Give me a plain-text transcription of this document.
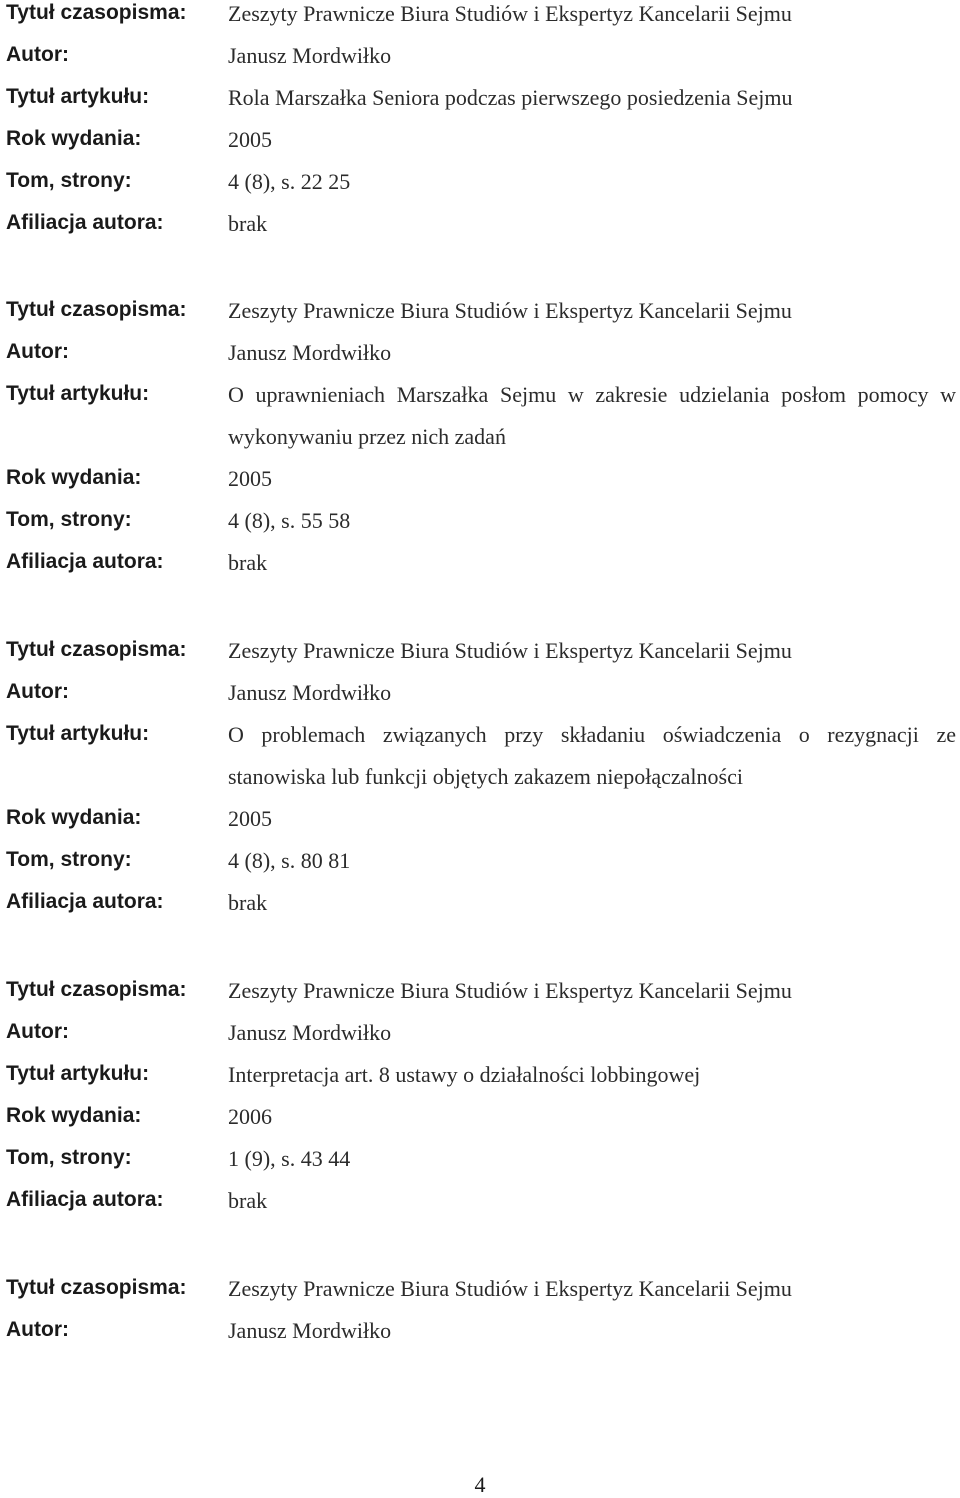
Tytuł czasopisma: Zeszyty Prawnicze Biura Studiów i Ekspertyz Kancelarii Sejmu
Autor:	Janusz Mordwiłko
Tytuł artykułu:	Rola Marszałka Seniora podczas pierwszego posiedzenia Sejmu
Rok wydania:	2005
Tom, strony:	4 (8), s. 22 25
Afiliacja autora:	brak
Tytuł czasopisma: Zeszyty Prawnicze Biura Studiów i Ekspertyz Kancelarii Sejmu
Autor:	Janusz Mordwiłko
Tytuł artykułu:	O uprawnieniach Marszałka Sejmu w zakresie udzielania posłom pomocy w wykonywaniu przez nich zadań
Rok wydania:	2005
Tom, strony:	4 (8), s. 55 58
Afiliacja autora:	brak
Tytuł czasopisma: Zeszyty Prawnicze Biura Studiów i Ekspertyz Kancelarii Sejmu
Autor:	Janusz Mordwiłko
Tytuł artykułu:	O problemach związanych przy składaniu oświadczenia o rezygnacji ze stanowiska lub funkcji objętych zakazem niepołączalności
Rok wydania:	2005
Tom, strony:	4 (8), s. 80 81
Afiliacja autora:	brak
Tytuł czasopisma: Zeszyty Prawnicze Biura Studiów i Ekspertyz Kancelarii Sejmu
Autor:	Janusz Mordwiłko
Tytuł artykułu:	Interpretacja art. 8 ustawy o działalności lobbingowej
Rok wydania:	2006
Tom, strony:	1 (9), s. 43 44
Afiliacja autora:	brak
Tytuł czasopisma: Zeszyty Prawnicze Biura Studiów i Ekspertyz Kancelarii Sejmu
Autor:	Janusz Mordwiłko
4
